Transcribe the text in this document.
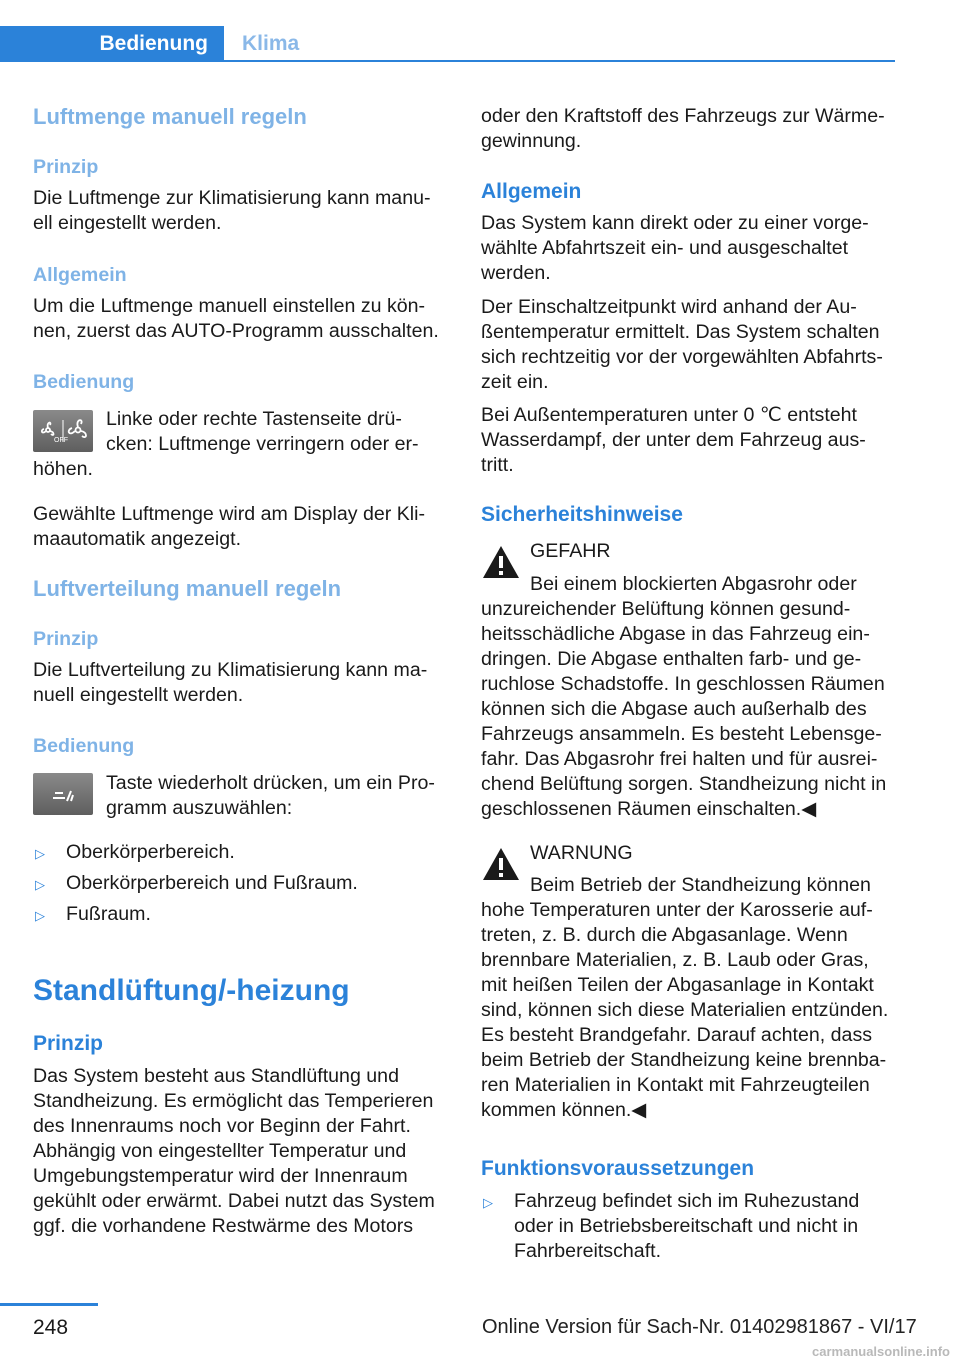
Bedienung	Klima
Luftmenge manuell regeln
Prinzip
Die Luftmenge zur Klimatisierung kann manu‐
ell eingestellt werden.
Allgemein
Um die Luftmenge manuell einstellen zu kön‐
nen, zuerst das AUTO-Programm ausschalten.
Bedienung
OFF
Linke oder rechte Tastenseite drü‐
cken: Luftmenge verringern oder er‐
höhen.
Gewählte Luftmenge wird am Display der Kli‐
maautomatik angezeigt.
Luftverteilung manuell regeln
Prinzip
Die Luftverteilung zu Klimatisierung kann ma‐
nuell eingestellt werden.
Bedienung
Taste wiederholt drücken, um ein Pro‐
gramm auszuwählen:
▷ Oberkörperbereich.
▷ Oberkörperbereich und Fußraum.
▷ Fußraum.
Standlüftung/-heizung
Prinzip
Das System besteht aus Standlüftung und
Standheizung. Es ermöglicht das Temperieren
des Innenraums noch vor Beginn der Fahrt.
Abhängig von eingestellter Temperatur und
Umgebungstemperatur wird der Innenraum
gekühlt oder erwärmt. Dabei nutzt das System
ggf. die vorhandene Restwärme des Motors
oder den Kraftstoff des Fahrzeugs zur Wärme‐
gewinnung.
Allgemein
Das System kann direkt oder zu einer vorge‐
wählte Abfahrtszeit ein- und ausgeschaltet
werden.
Der Einschaltzeitpunkt wird anhand der Au‐
ßentemperatur ermittelt. Das System schalten
sich rechtzeitig vor der vorgewählten Abfahrts‐
zeit ein.
Bei Außentemperaturen unter 0 ℃ entsteht
Wasserdampf, der unter dem Fahrzeug aus‐
tritt.
Sicherheitshinweise
GEFAHR
Bei einem blockierten Abgasrohr oder
unzureichender Belüftung können gesund‐
heitsschädliche Abgase in das Fahrzeug ein‐
dringen. Die Abgase enthalten farb- und ge‐
ruchlose Schadstoffe. In geschlossen Räumen
können sich die Abgase auch außerhalb des
Fahrzeugs ansammeln. Es besteht Lebensge‐
fahr. Das Abgasrohr frei halten und für ausrei‐
chend Belüftung sorgen. Standheizung nicht in
geschlossenen Räumen einschalten.◀
WARNUNG
Beim Betrieb der Standheizung können
hohe Temperaturen unter der Karosserie auf‐
treten, z. B. durch die Abgasanlage. Wenn
brennbare Materialien, z. B. Laub oder Gras,
mit heißen Teilen der Abgasanlage in Kontakt
sind, können sich diese Materialien entzünden.
Es besteht Brandgefahr. Darauf achten, dass
beim Betrieb der Standheizung keine brennba‐
ren Materialien in Kontakt mit Fahrzeugteilen
kommen können.◀
Funktionsvoraussetzungen
▷ Fahrzeug befindet sich im Ruhezustand
oder in Betriebsbereitschaft und nicht in
Fahrbereitschaft.
248	Online Version für Sach-Nr. 01402981867 - VI/17
carmanualsonline.info
